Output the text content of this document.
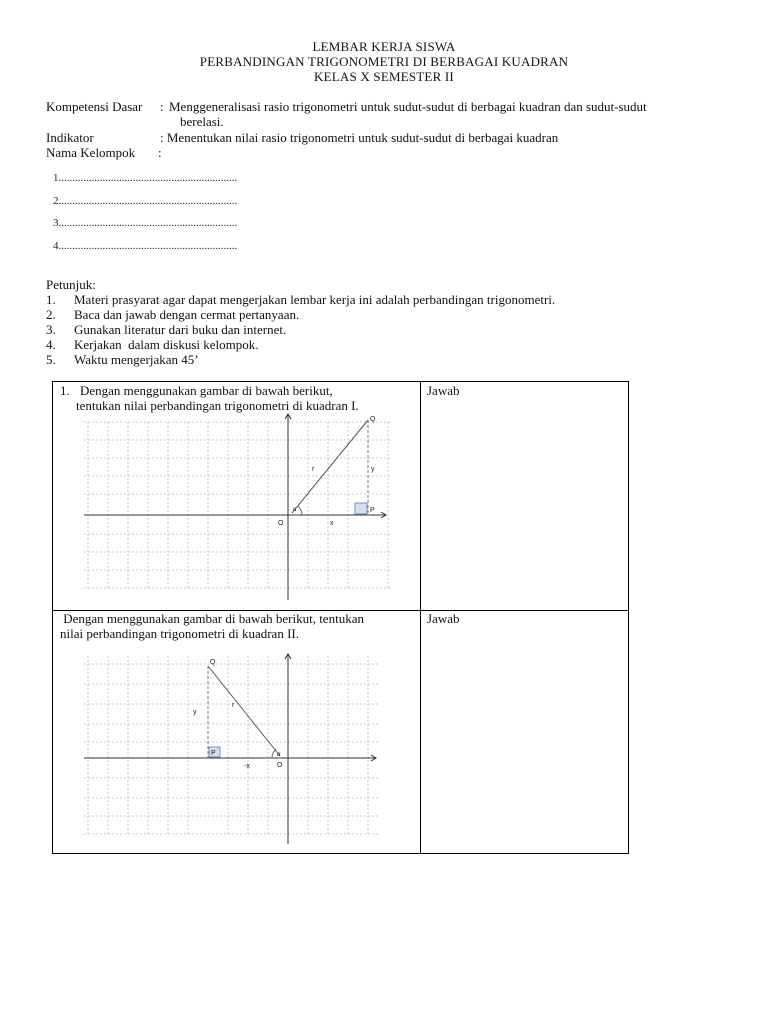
LEMBAR KERJA SISWA
PERBANDINGAN TRIGONOMETRI DI BERBAGAI KUADRAN
KELAS X SEMESTER II
Kompetensi Dasar : Menggeneralisasi rasio trigonometri untuk sudut-sudut di berbagai kuadran dan sudut-sudut
berelasi.
Indikator	: Menentukan nilai rasio trigonometri untuk sudut-sudut di berbagai kuadran
Nama Kelompok :
1.................................................................
2.................................................................
3.................................................................
4.................................................................
Petunjuk:
1. Materi prasyarat agar dapat mengerjakan lembar kerja ini adalah perbandingan trigonometri.
2. Baca dan jawab dengan cermat pertanyaan.
3. Gunakan literatur dari buku dan internet.
4. Kerjakan  dalam diskusi kelompok.
5. Waktu mengerjakan 45’
1. Dengan menggunakan gambar di bawah berikut,
tentukan nilai perbandingan trigonometri di kuadran I.
Jawab
Q
r	y
α	P
O	x
Dengan menggunakan gambar di bawah berikut, tentukan
nilai perbandingan trigonometri di kuadran II.
Jawab
Q
r
y
α
P
O
-x
